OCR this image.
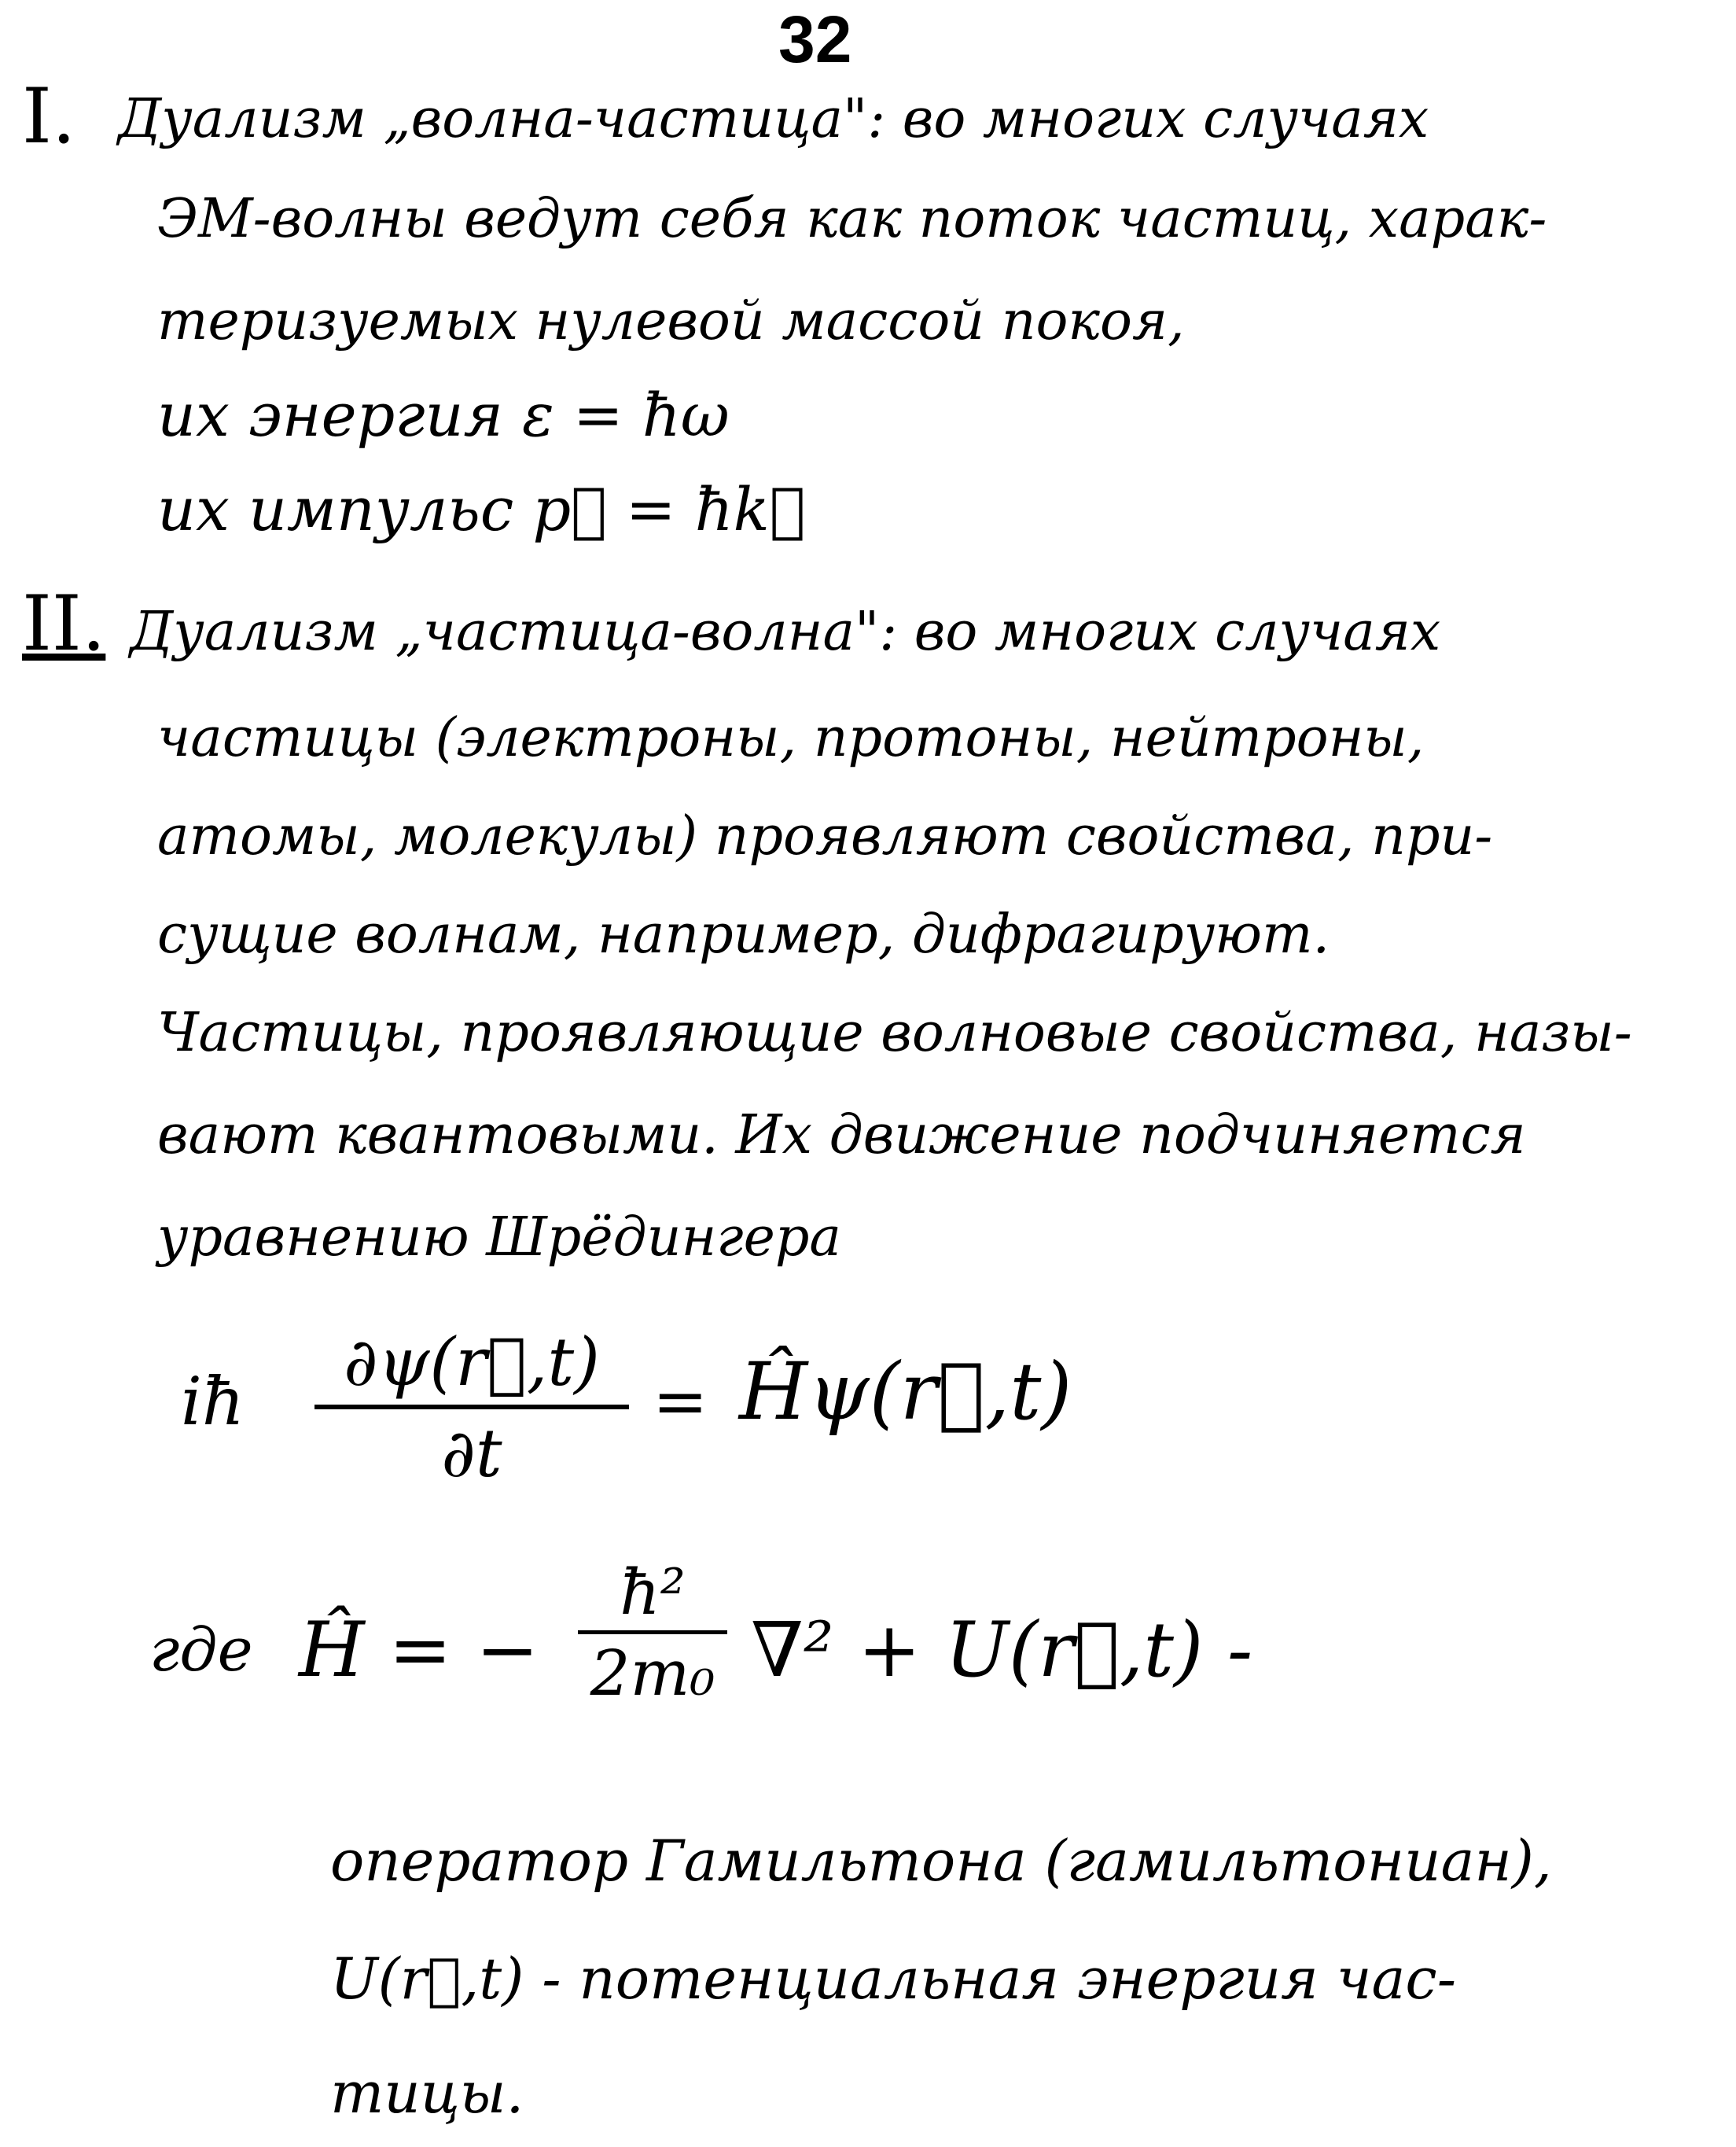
32
I. Дуализм „волна-частица": во многих случаях
ЭМ-волны ведут себя как поток частиц, харак-
теризуемых нулевой массой покоя,
их энергия ε = ħω
их импульс p⃗ = ħk⃗
II. Дуализм „частица-волна": во многих случаях
частицы (электроны, протоны, нейтроны,
атомы, молекулы) проявляют свойства, при-
сущие волнам, например, дифрагируют.
Частицы, проявляющие волновые свойства, назы-
вают квантовыми. Их движение подчиняется
уравнению Шрёдингера
iħ
∂ψ(r⃗,t)
∂t
= Ĥψ(r⃗,t)
где Ĥ = −
ħ²
2m₀ ∇² + U(r⃗,t) -
оператор Гамильтона (гамильтониан),
U(r⃗,t) - потенциальная энергия час-
тицы.
